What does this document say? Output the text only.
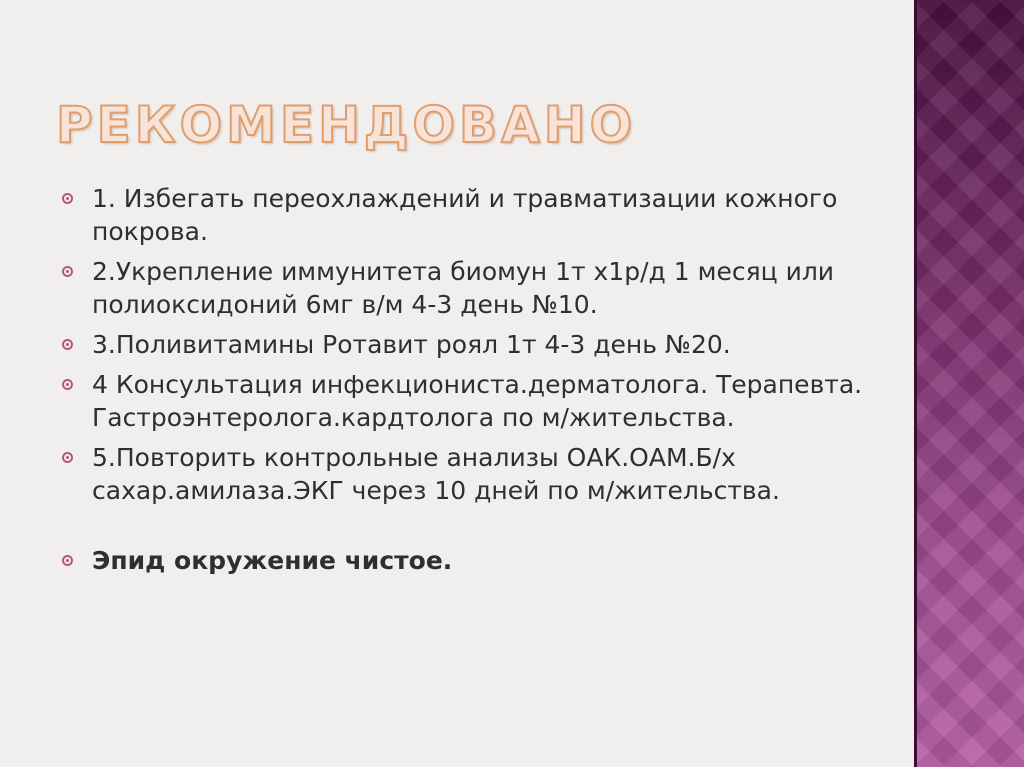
РЕКОМЕНДОВАНО
1. Избегать переохлаждений и травматизации кожного покрова.
2.Укрепление иммунитета биомун 1т х1р/д 1 месяц или полиоксидоний 6мг в/м 4-3 день №10.
3.Поливитамины Ротавит роял 1т 4-3 день №20.
4 Консультация инфекциониста.дерматолога. Терапевта. Гастроэнтеролога.кардтолога по м/жительства.
5.Повторить контрольные анализы ОАК.ОАМ.Б/х сахар.амилаза.ЭКГ через 10 дней по м/жительства.
Эпид окружение чистое.
